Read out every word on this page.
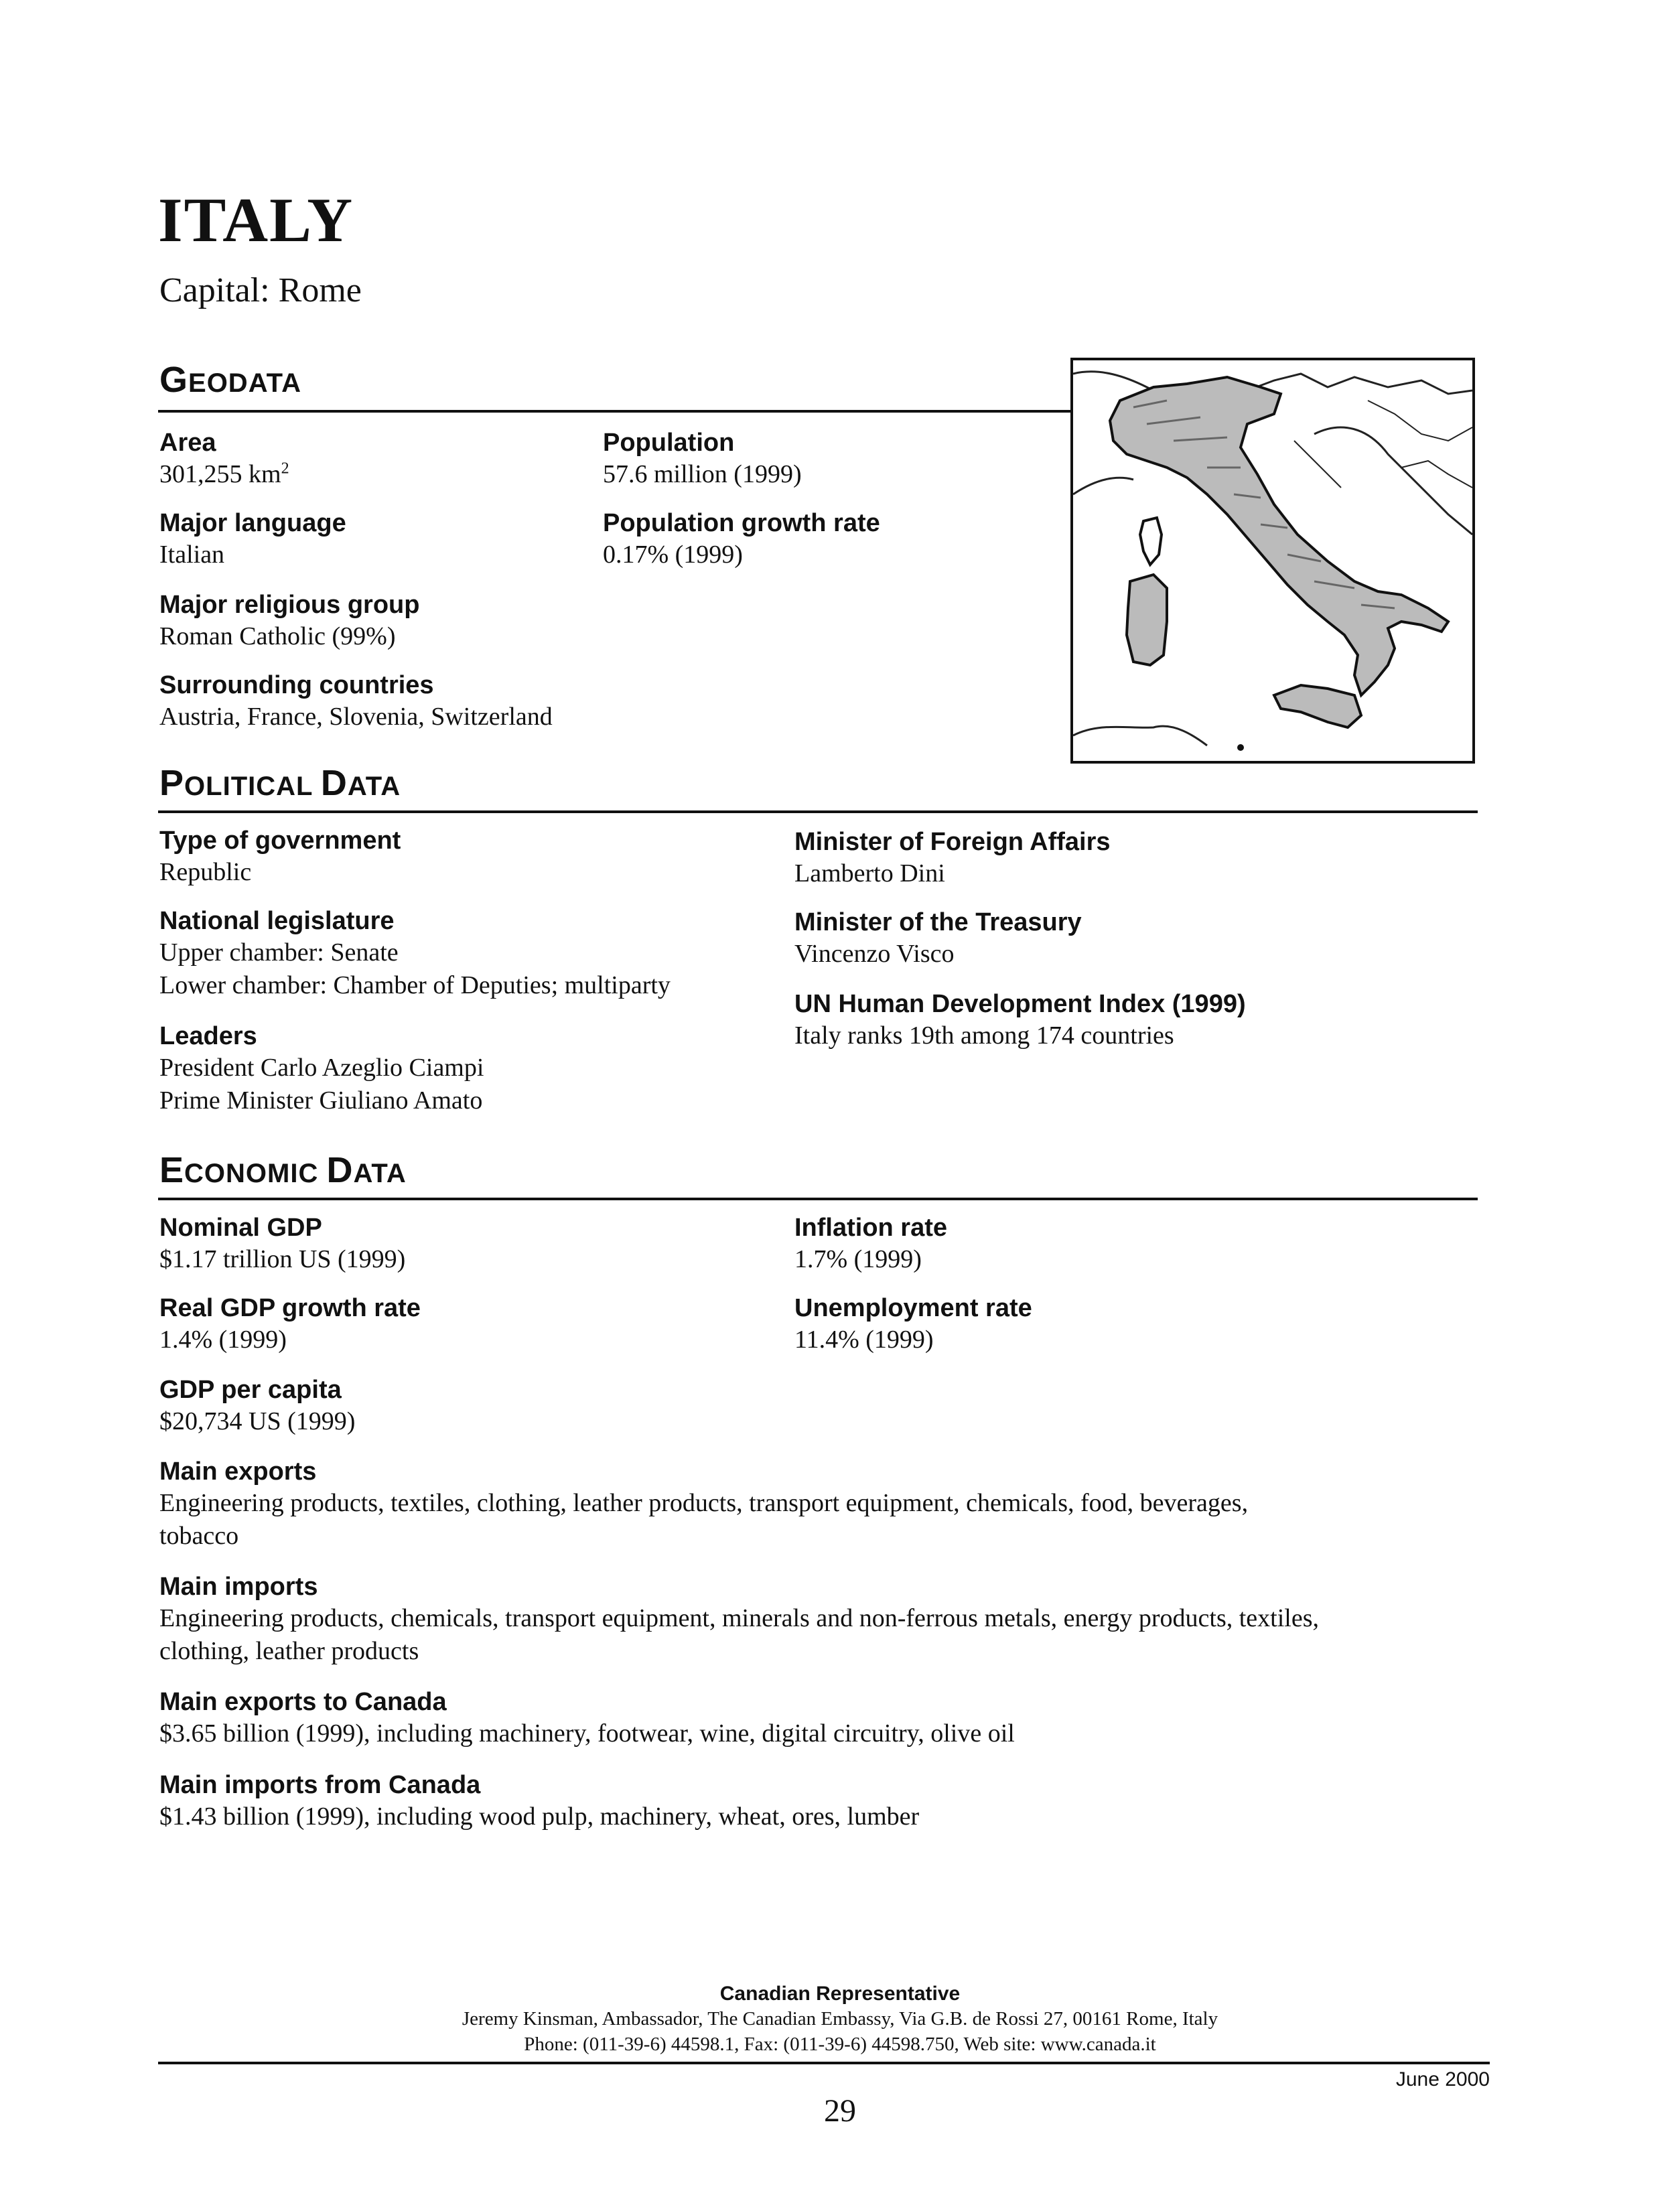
ITALY
Capital: Rome
GEODATA
Area
301,255 $km^2$
Population
57.6 million (1999)
Major language
Italian
Population growth rate
0.17% (1999)
Major religious group
Roman Catholic (99%)
Surrounding countries
Austria, France, Slovenia, Switzerland
POLITICAL DATA
Type of government
Republic
National legislature
Upper chamber: Senate
Lower chamber: Chamber of Deputies; multiparty
Leaders
President Carlo Azeglio Ciampi
Prime Minister Giuliano Amato
Minister of Foreign Affairs
Lamberto Dini
Minister of the Treasury
Vincenzo Visco
UN Human Development Index (1999)
Italy ranks 19th among 174 countries
ECONOMIC DATA
Nominal GDP
$1.17 trillion US (1999)
Real GDP growth rate
1.4% (1999)
GDP per capita
$20,734 US (1999)
Inflation rate
1.7% (1999)
Unemployment rate
11.4% (1999)
Main exports
Engineering products, textiles, clothing, leather products, transport equipment, chemicals, food, beverages,
tobacco
Main imports
Engineering products, chemicals, transport equipment, minerals and non-ferrous metals, energy products, textiles,
clothing, leather products
Main exports to Canada
$3.65 billion (1999), including machinery, footwear, wine, digital circuitry, olive oil
Main imports from Canada
$1.43 billion (1999), including wood pulp, machinery, wheat, ores, lumber
Canadian Representative
Jeremy Kinsman, Ambassador, The Canadian Embassy, Via G.B. de Rossi 27, 00161 Rome, Italy
Phone: (011-39-6) 44598.1, Fax: (011-39-6) 44598.750, Web site: www.canada.it
June 2000
29
